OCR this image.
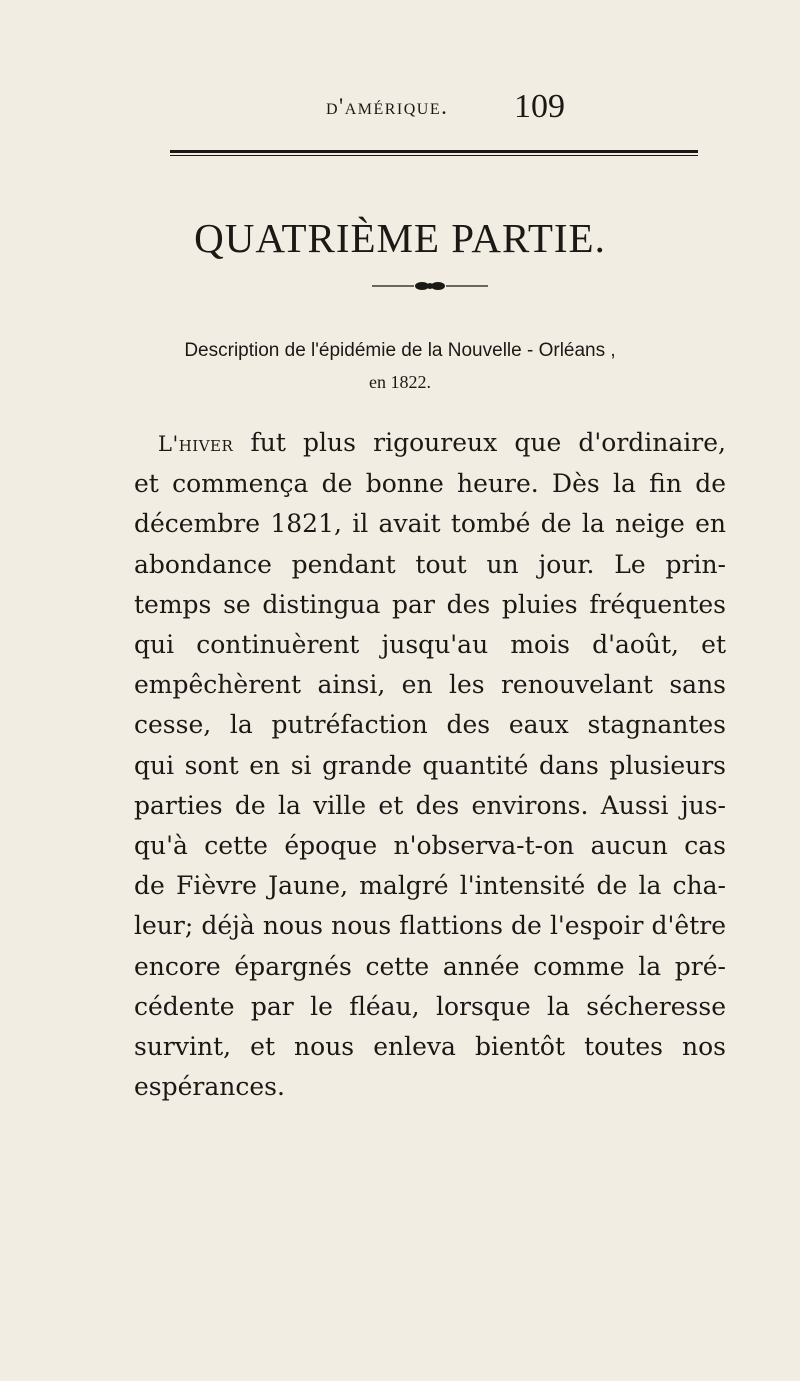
d'amérique. 109
QUATRIÈME PARTIE.
Description de l'épidémie de la Nouvelle - Orléans ,
en 1822.
L'hiver fut plus rigoureux que d'ordinaire,
et commença de bonne heure. Dès la fin de
décembre 1821, il avait tombé de la neige en
abondance pendant tout un jour. Le prin-
temps se distingua par des pluies fréquentes
qui continuèrent jusqu'au mois d'août, et
empêchèrent ainsi, en les renouvelant sans
cesse, la putréfaction des eaux stagnantes
qui sont en si grande quantité dans plusieurs
parties de la ville et des environs. Aussi jus-
qu'à cette époque n'observa-t-on aucun cas
de Fièvre Jaune, malgré l'intensité de la cha-
leur; déjà nous nous flattions de l'espoir d'être
encore épargnés cette année comme la pré-
cédente par le fléau, lorsque la sécheresse
survint, et nous enleva bientôt toutes nos
espérances.
